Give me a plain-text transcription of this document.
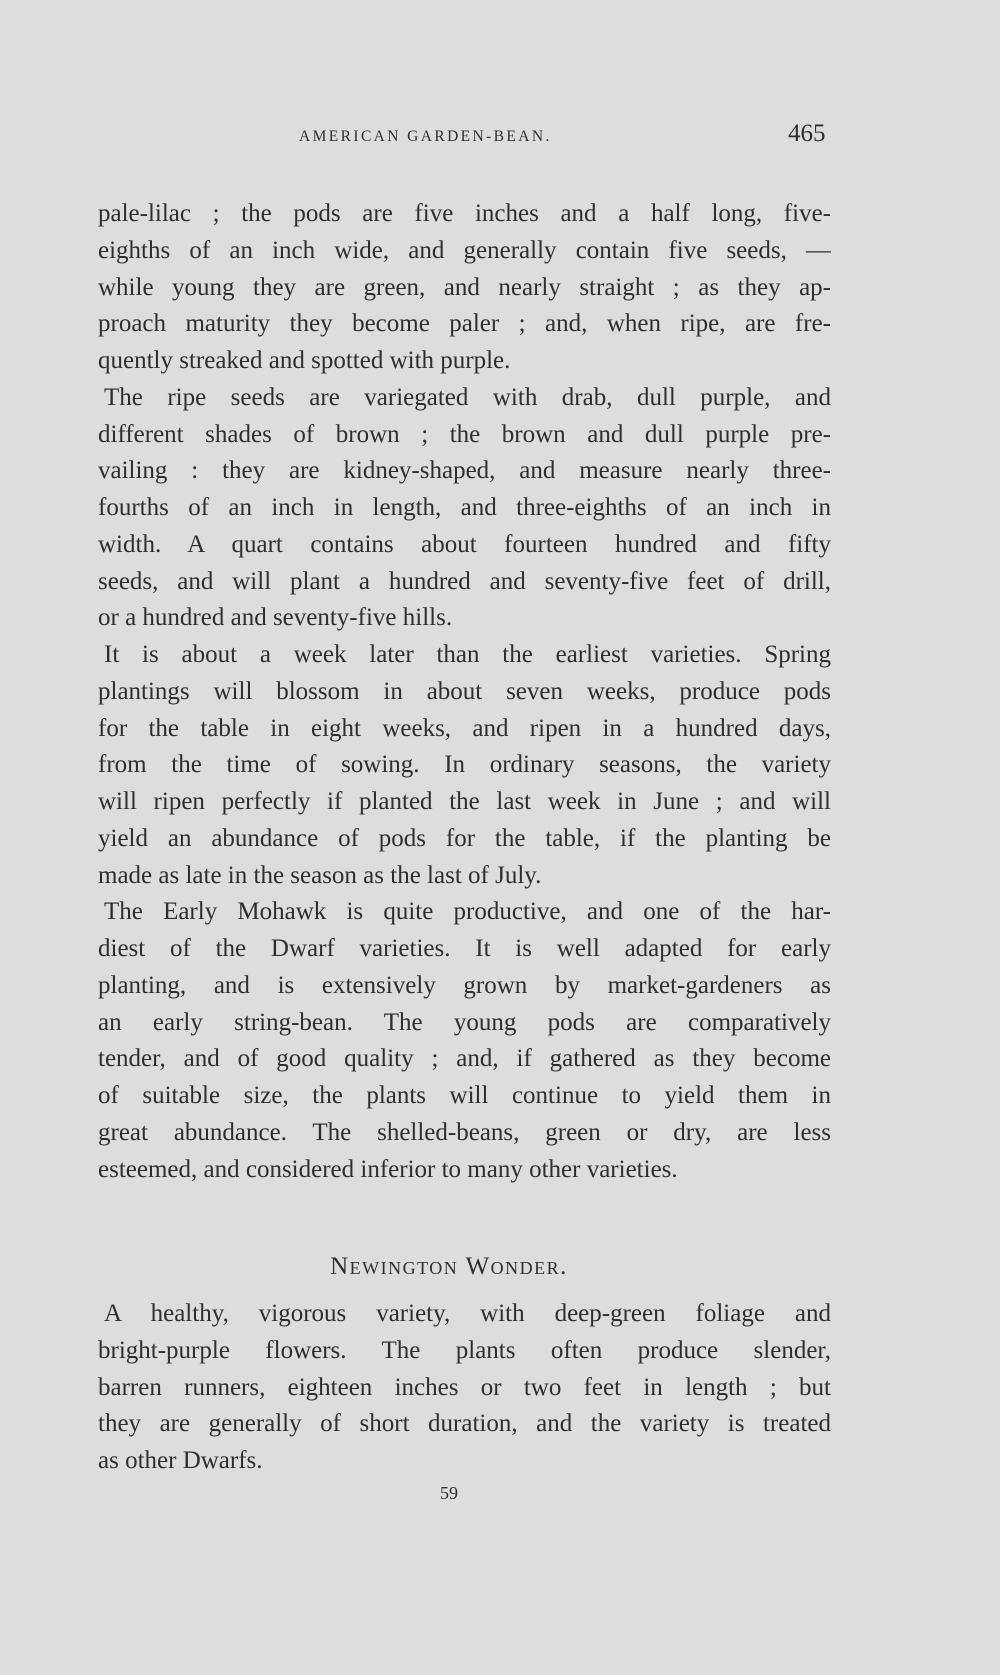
AMERICAN GARDEN-BEAN.	465
pale-lilac ; the pods are five inches and a half long, five-
eighths of an inch wide, and generally contain five seeds, —
while young they are green, and nearly straight ; as they ap-
proach maturity they become paler ; and, when ripe, are fre-
quently streaked and spotted with purple.
The ripe seeds are variegated with drab, dull purple, and
different shades of brown ; the brown and dull purple pre-
vailing : they are kidney-shaped, and measure nearly three-
fourths of an inch in length, and three-eighths of an inch in
width. A quart contains about fourteen hundred and fifty
seeds, and will plant a hundred and seventy-five feet of drill,
or a hundred and seventy-five hills.
It is about a week later than the earliest varieties. Spring
plantings will blossom in about seven weeks, produce pods
for the table in eight weeks, and ripen in a hundred days,
from the time of sowing. In ordinary seasons, the variety
will ripen perfectly if planted the last week in June ; and will
yield an abundance of pods for the table, if the planting be
made as late in the season as the last of July.
The Early Mohawk is quite productive, and one of the har-
diest of the Dwarf varieties. It is well adapted for early
planting, and is extensively grown by market-gardeners as
an early string-bean. The young pods are comparatively
tender, and of good quality ; and, if gathered as they become
of suitable size, the plants will continue to yield them in
great abundance. The shelled-beans, green or dry, are less
esteemed, and considered inferior to many other varieties.
Newington Wonder.
A healthy, vigorous variety, with deep-green foliage and
bright-purple flowers. The plants often produce slender,
barren runners, eighteen inches or two feet in length ; but
they are generally of short duration, and the variety is treated
as other Dwarfs.
59
